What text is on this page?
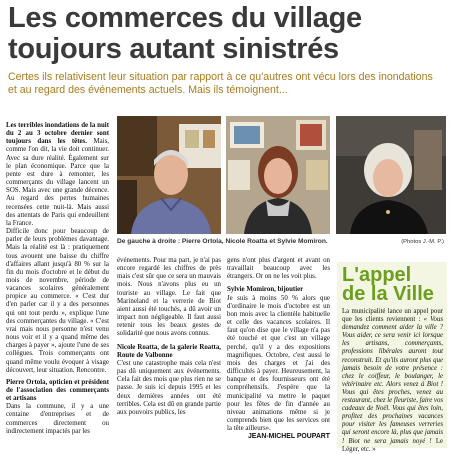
Les commerces du village toujours autant sinistrés

Certes ils relativisent leur situation par rapport à ce qu'autres ont vécu lors des inondations et au regard des événements actuels. Mais ils témoignent...

Les terribles inondations de la nuit du 2 au 3 octobre dernier sont toujours dans les têtes. Mais, comme l'on dit, la vie doit continuer. Avec sa dure réalité. Également sur le plan économique. Parce que la pente est dure à remonter, les commerçants du village lancent un SOS. Mais avec une grande décence. Au regard des pertes humaines recensées cette nuit-là. Mais aussi des attentats de Paris qui endeuillent la France.

Difficile donc pour beaucoup de parler de leurs problèmes davantage. Mais la réalité est là : pratiquement tous avouent une baisse du chiffre d'affaires allant jusqu'à 80 % sur la fin du mois d'octobre et le début du mois de novembre, période de vacances scolaires généralement propice au commerce. « C'est dur d'en parler car il y a des personnes qui ont tout perdu », explique l'une des commerçantes du village. « C'est vrai mais nous personne n'est venu nous voir et il y a quand même des charges à payer », ajoute l'une de ses collègues. Trois commerçants ont quand même voulu évoquer à visage découvert, leur situation. Rencontre.

Pierre Ortola, opticien et président de l'association des commerçants et artisans

Dans la commune, il y a une centaine d'entreprises et de commerces directement ou indirectement impactés par les

De gauche à droite : Pierre Ortola, Nicole Roatta et Sylvie Momiron.	(Photos J.-M. P.)

événements. Pour ma part, je n'ai pas encore regardé les chiffres de près mais c'est sûr que ce sera un mauvais mois. Nous n'avons plus eu un touriste au village. Le fait que Marineland et la verrerie de Biot aient aussi été touchés, a dû avoir un impact non négligeable. Il faut aussi retenir tous les beaux gestes de solidarité que nous avons connus.

Nicole Roatta, de la galerie Roatta, Route de Valbonne

C'est une catastrophe mais cela n'est pas dû uniquement aux événements. Cela fait des mois que plus rien ne se passe. Je suis ici depuis 1995 et les deux dernières années ont été terribles. Cela est dû en grande partie aux pouvoirs publics, les

gens n'ont plus d'argent et avant on travaillait beaucoup avec les étrangers. Or on ne les voit plus.

Sylvie Momiron, bijoutier

Je suis à moins 50 % alors que d'ordinaire le mois d'octobre est un bon mois avec la clientèle habituelle et celle des vacances scolaires. Il faut qu'on dise que le village n'a pas été touché et que c'est un village perché, qu'il y a des expositions magnifiques. Octobre, c'est aussi le mois des charges et j'ai des difficultés à payer. Heureusement, la banque et des fournisseurs ont été compréhensifs. J'espère que la municipalité va mettre le paquet pour les fêtes de fin d'année au niveau animations même si je comprends bien que les services ont la tête ailleurs».

JEAN-MICHEL POUPART

L'appel
de la Ville

La municipalité lance un appel pour que les clients reviennent : « Vous demandez comment aider la ville ? Vous aider, ce sera venir ici lorsque les artisans, commerçants, professions libérales auront tout reconstruit. Et qu'ils auront plus que jamais besoin de votre présence : chez le coiffeur, le boulanger, le vétérinaire etc. Alors venez à Biot ! Vous qui êtes proches, venez au restaurant, chez le fleuriste, faire vos cadeaux de Noël. Vous qui êtes loin, profitez des prochaines vacances pour visiter les fameuses verreries qui seront encore là, plus que jamais ! Biot ne sera jamais noyé ! Le Léger, etc. »
